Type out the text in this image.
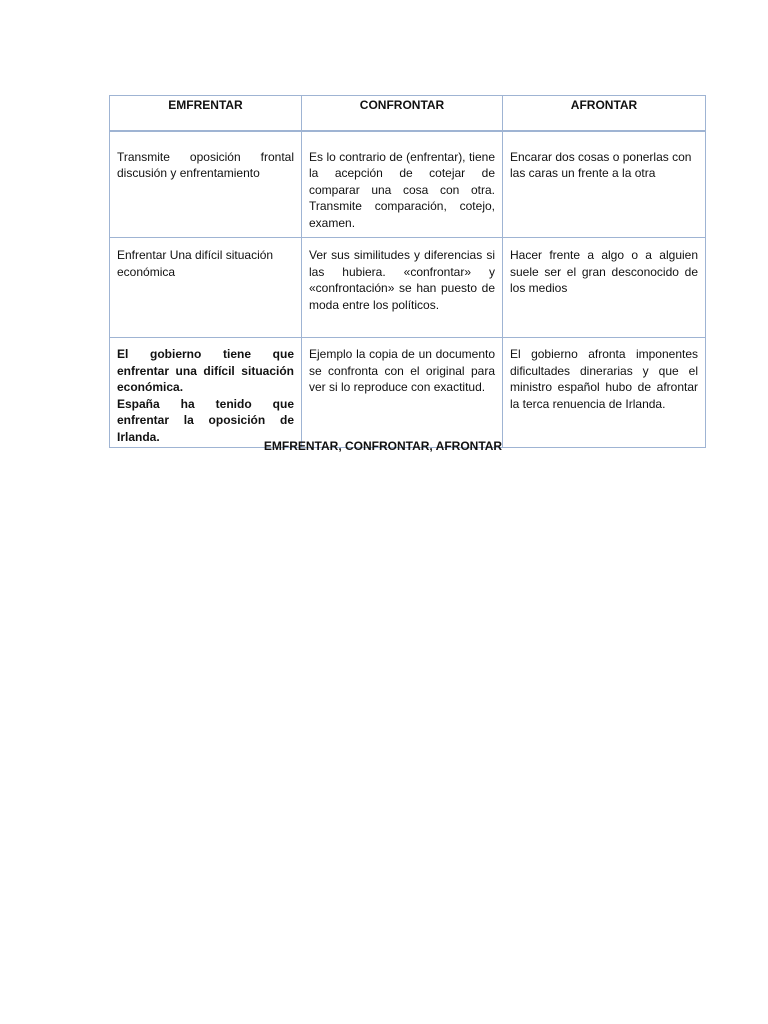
EMFRENTAR	CONFRONTAR	AFRONTAR
Transmite oposición frontal discusión y enfrentamiento	Es lo contrario de (enfrentar), tiene la acepción de cotejar de comparar una cosa con otra. Transmite comparación, cotejo, examen.	Encarar dos cosas o ponerlas con las caras un frente a la otra
Enfrentar Una difícil situación económica	Ver sus similitudes y diferencias si las hubiera. «confrontar» y «confrontación» se han puesto de moda entre los políticos.	Hacer frente a algo o a alguien suele ser el gran desconocido de los medios

El gobierno tiene que enfrentar una difícil situación económica.
España ha tenido que enfrentar la oposición de Irlanda.	Ejemplo la copia de un documento se confronta con el original para ver si lo reproduce con exactitud.	El gobierno afronta imponentes dificultades dinerarias y que el ministro español hubo de afrontar la terca renuencia de Irlanda.
EMFRENTAR, CONFRONTAR, AFRONTAR
